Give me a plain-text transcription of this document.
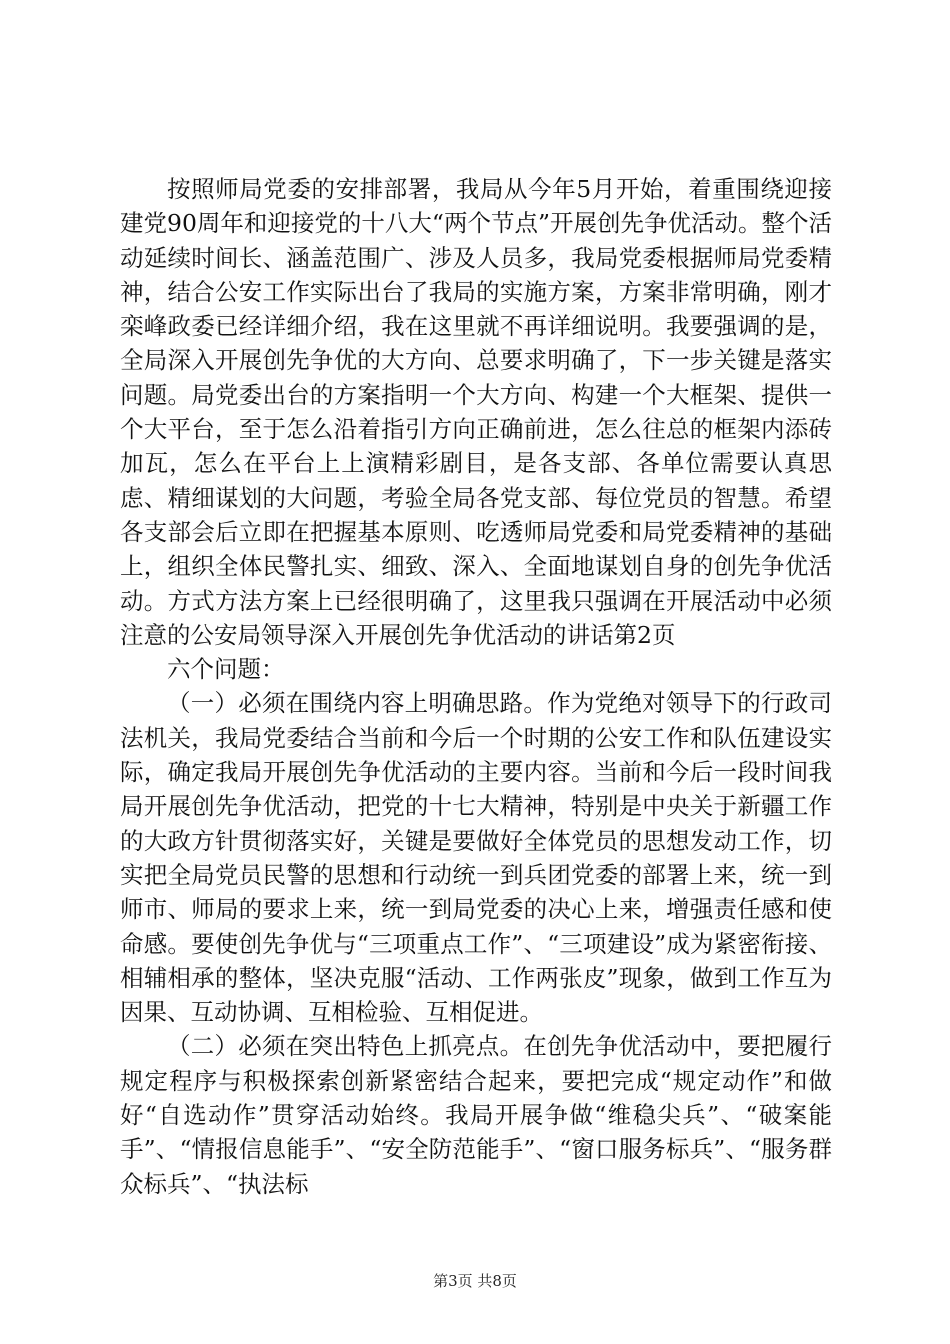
按照师局党委的安排部署，我局从今年5月开始，着重围绕迎接建党90周年和迎接党的十八大“两个节点”开展创先争优活动。整个活动延续时间长、涵盖范围广、涉及人员多，我局党委根据师局党委精神，结合公安工作实际出台了我局的实施方案，方案非常明确，刚才栾峰政委已经详细介绍，我在这里就不再详细说明。我要强调的是，全局深入开展创先争优的大方向、总要求明确了，下一步关键是落实问题。局党委出台的方案指明一个大方向、构建一个大框架、提供一个大平台，至于怎么沿着指引方向正确前进，怎么往总的框架内添砖加瓦，怎么在平台上上演精彩剧目，是各支部、各单位需要认真思虑、精细谋划的大问题，考验全局各党支部、每位党员的智慧。希望各支部会后立即在把握基本原则、吃透师局党委和局党委精神的基础上，组织全体民警扎实、细致、深入、全面地谋划自身的创先争优活动。方式方法方案上已经很明确了，这里我只强调在开展活动中必须注意的公安局领导深入开展创先争优活动的讲话第2页

六个问题：

（一）必须在围绕内容上明确思路。作为党绝对领导下的行政司法机关，我局党委结合当前和今后一个时期的公安工作和队伍建设实际，确定我局开展创先争优活动的主要内容。当前和今后一段时间我局开展创先争优活动，把党的十七大精神，特别是中央关于新疆工作的大政方针贯彻落实好，关键是要做好全体党员的思想发动工作，切实把全局党员民警的思想和行动统一到兵团党委的部署上来，统一到师市、师局的要求上来，统一到局党委的决心上来，增强责任感和使命感。要使创先争优与“三项重点工作”、“三项建设”成为紧密衔接、相辅相承的整体，坚决克服“活动、工作两张皮”现象，做到工作互为因果、互动协调、互相检验、互相促进。

（二）必须在突出特色上抓亮点。在创先争优活动中，要把履行规定程序与积极探索创新紧密结合起来，要把完成“规定动作”和做好“自选动作”贯穿活动始终。我局开展争做“维稳尖兵”、“破案能手”、“情报信息能手”、“安全防范能手”、“窗口服务标兵”、“服务群众标兵”、“执法标

第3页 共8页
